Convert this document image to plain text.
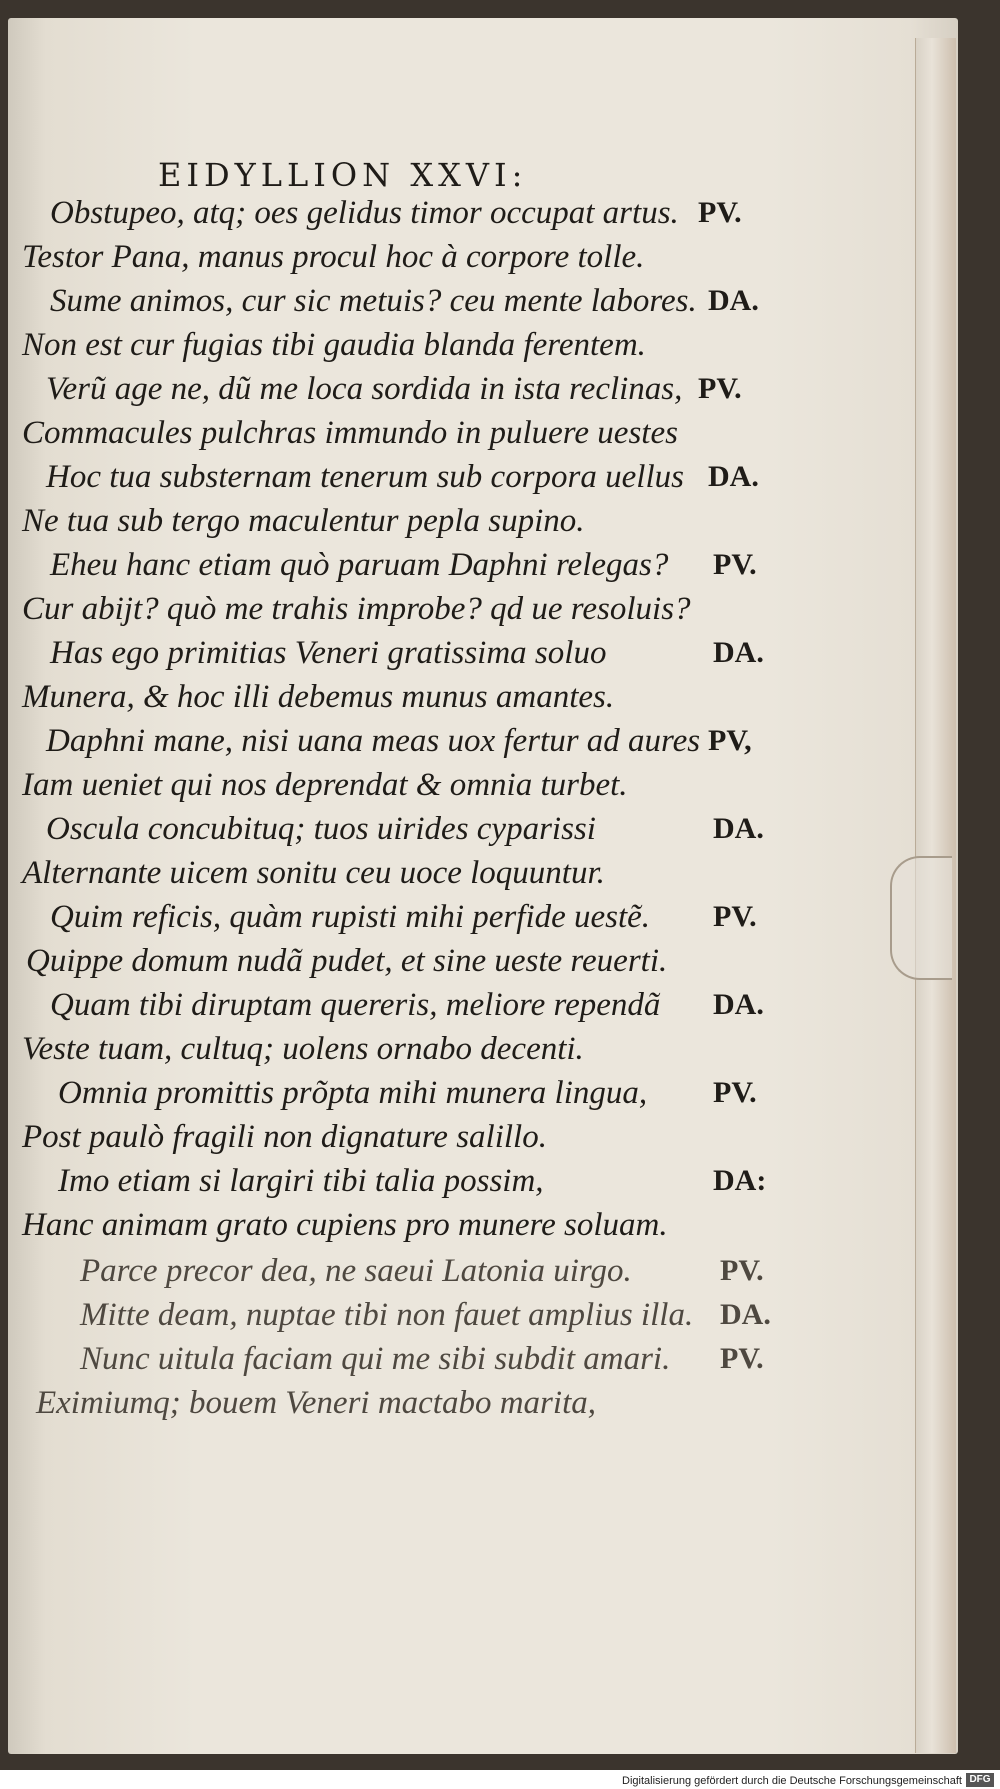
EIDYLLION XXVI:
Obstupeo, atq; oes gelidus timor occupat artus. PV.
Testor Pana, manus procul hoc à corpore tolle.
Sume animos, cur sic metuis? ceu mente labores. DA.
Non est cur fugias tibi gaudia blanda ferentem.
Verũ age ne, dũ me loca sordida in ista reclinas, PV.
Commacules pulchras immundo in puluere uestes
Hoc tua substernam tenerum sub corpora uellus DA.
Ne tua sub tergo maculentur pepla supino.
Eheu hanc etiam quò paruam Daphni relegas? PV.
Cur abijt? quò me trahis improbe? qd ue resoluis?
Has ego primitias Veneri gratissima soluo	DA.
Munera, & hoc illi debemus munus amantes.
Daphni mane, nisi uana meas uox fertur ad aures PV,
Iam ueniet qui nos deprendat & omnia turbet.
Oscula concubituq; tuos uirides cyparissi	DA.
Alternante uicem sonitu ceu uoce loquuntur.
Quim reficis, quàm rupisti mihi perfide uestẽ. PV.
Quippe domum nudã pudet, et sine ueste reuerti.
Quam tibi diruptam quereris, meliore rependã DA.
Veste tuam, cultuq; uolens ornabo decenti.
Omnia promittis prõpta mihi munera lingua, PV.
Post paulò fragili non dignature salillo.
Imo etiam si largiri tibi talia possim,	DA:
Hanc animam grato cupiens pro munere soluam.
Parce precor dea, ne saeui Latonia uirgo.	PV.
Mitte deam, nuptae tibi non fauet amplius illa. DA.
Nunc uitula faciam qui me sibi subdit amari. PV.
Eximiumq; bouem Veneri mactabo marita,
Digitalisierung gefördert durch die Deutsche Forschungsgemeinschaft DFG
